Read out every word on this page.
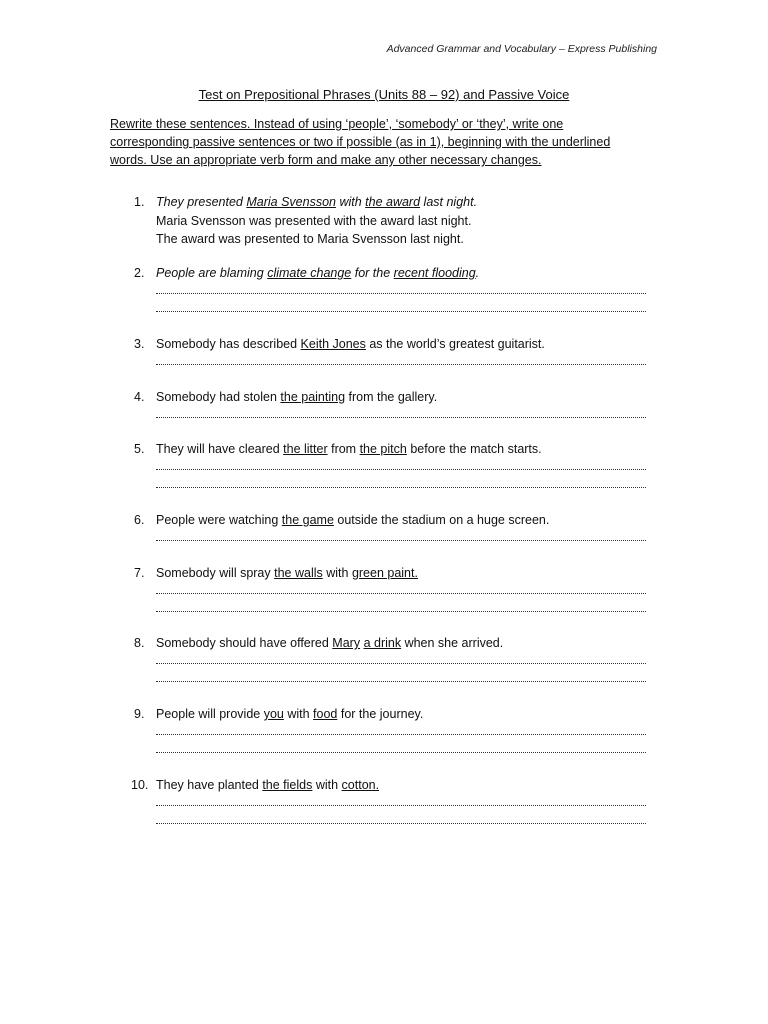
Advanced Grammar and Vocabulary – Express Publishing
Test on Prepositional Phrases (Units 88 – 92) and Passive Voice
Rewrite these sentences. Instead of using ‘people’, ‘somebody’ or ‘they’, write one
corresponding passive sentences or two if possible (as in 1), beginning with the underlined
words. Use an appropriate verb form and make any other necessary changes.
1. They presented Maria Svensson with the award last night.
Maria Svensson was presented with the award last night.
The award was presented to Maria Svensson last night.
2. People are blaming climate change for the recent flooding.
3. Somebody has described Keith Jones as the world’s greatest guitarist.
4. Somebody had stolen the painting from the gallery.
5. They will have cleared the litter from the pitch before the match starts.
6. People were watching the game outside the stadium on a huge screen.
7. Somebody will spray the walls with green paint.
8. Somebody should have offered Mary a drink when she arrived.
9. People will provide you with food for the journey.
10. They have planted the fields with cotton.
